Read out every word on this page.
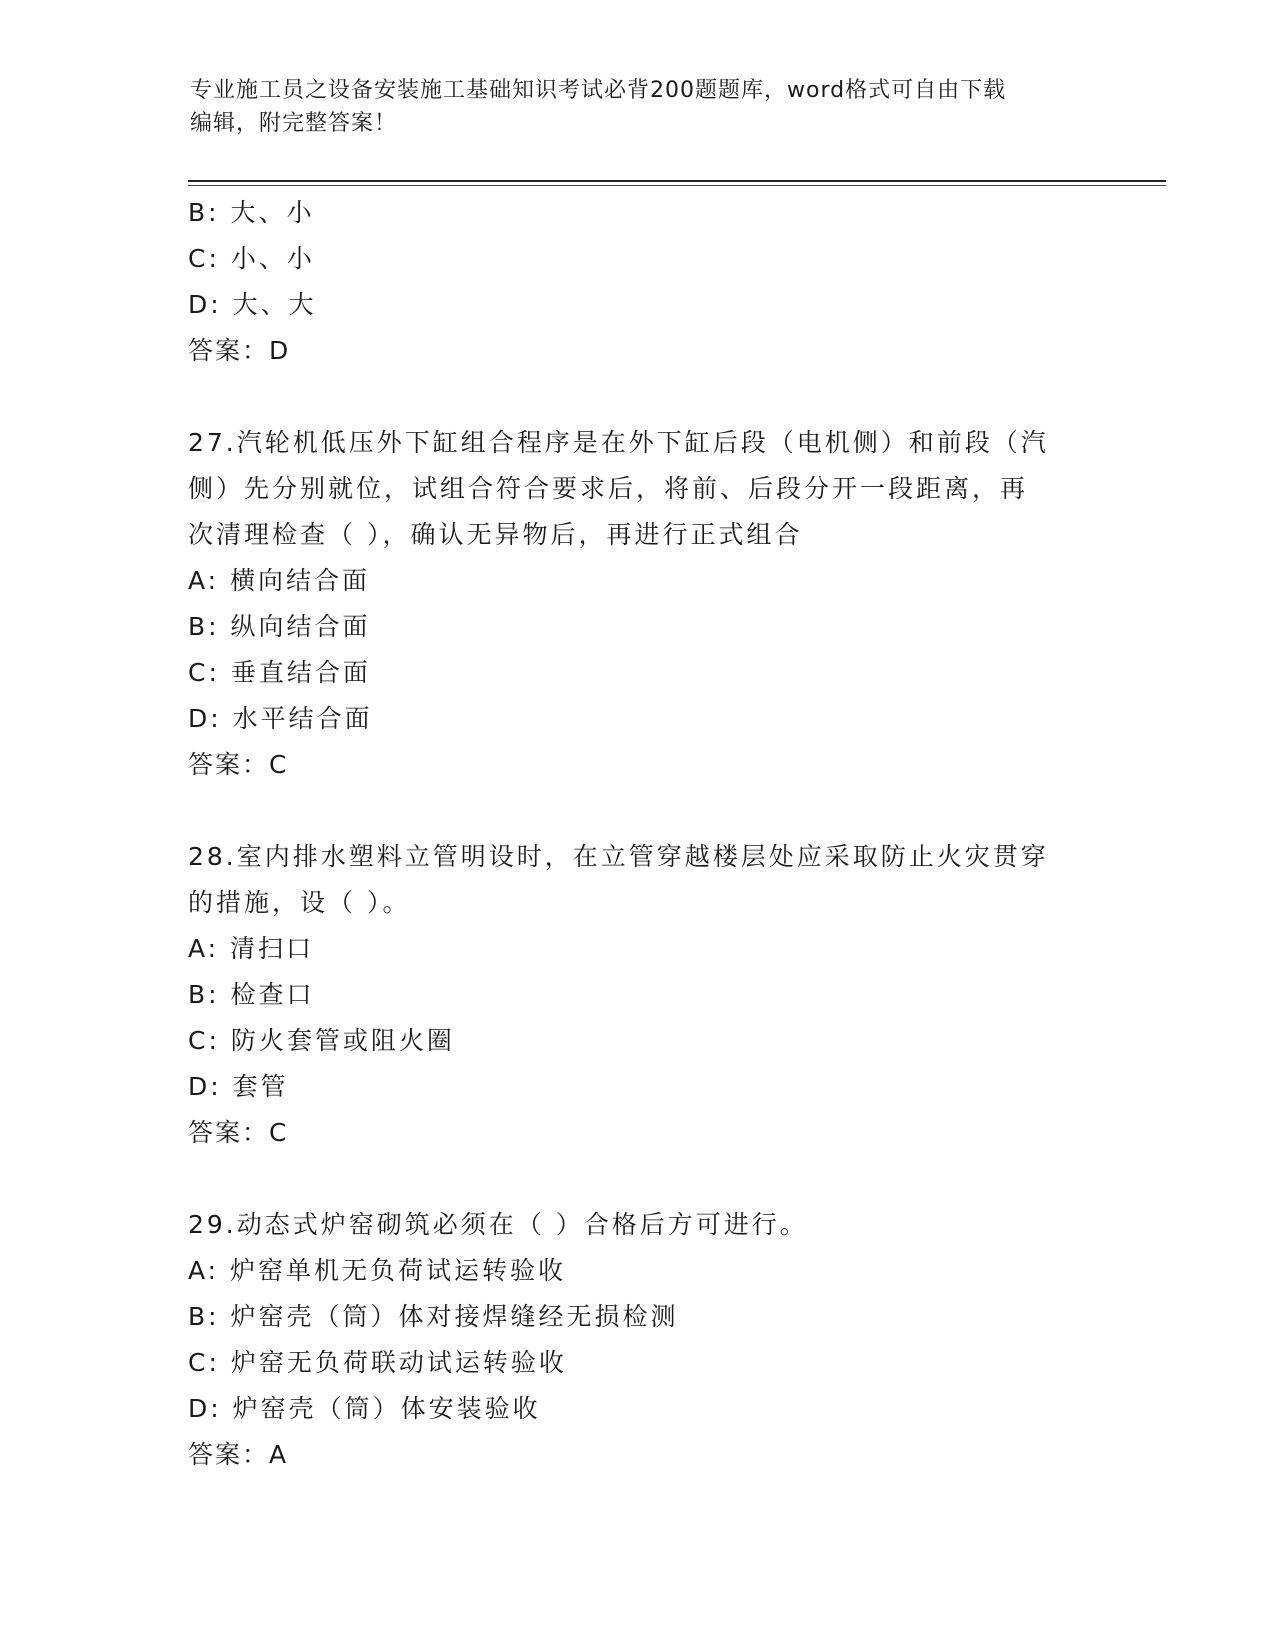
专业施工员之设备安装施工基础知识考试必背200题题库，word格式可自由下载
编辑，附完整答案！
B: 大、小
C: 小、小
D: 大、大
答案：D
27.汽轮机低压外下缸组合程序是在外下缸后段（电机侧）和前段（汽
侧）先分别就位，试组合符合要求后，将前、后段分开一段距离，再
次清理检查（ ），确认无异物后，再进行正式组合
A: 横向结合面
B: 纵向结合面
C: 垂直结合面
D: 水平结合面
答案：C
28.室内排水塑料立管明设时，在立管穿越楼层处应采取防止火灾贯穿
的措施，设（ ）。
A: 清扫口
B: 检查口
C: 防火套管或阻火圈
D: 套管
答案：C
29.动态式炉窑砌筑必须在（ ）合格后方可进行。
A: 炉窑单机无负荷试运转验收
B: 炉窑壳（筒）体对接焊缝经无损检测
C: 炉窑无负荷联动试运转验收
D: 炉窑壳（筒）体安装验收
答案：A
